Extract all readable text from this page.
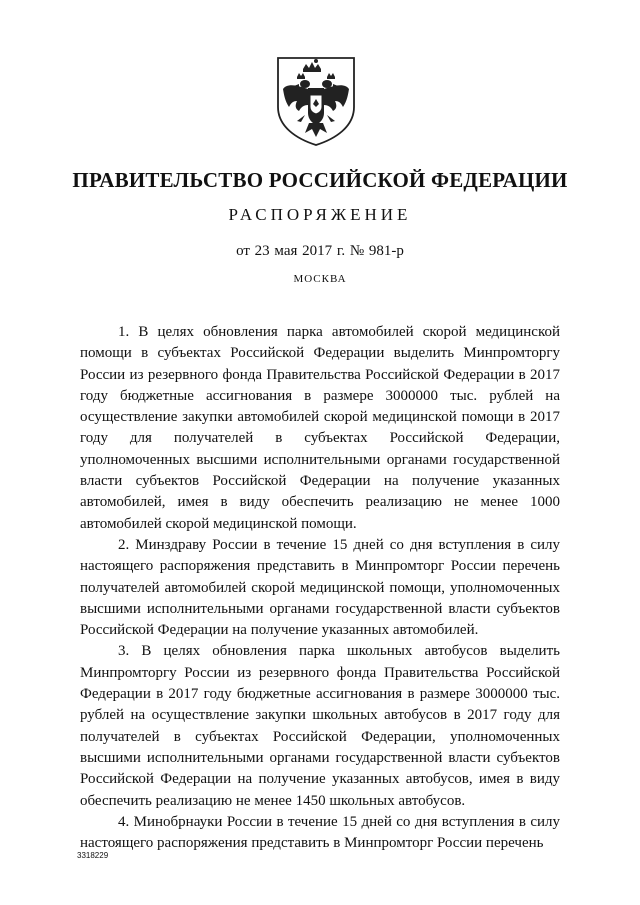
ПРАВИТЕЛЬСТВО РОССИЙСКОЙ ФЕДЕРАЦИИ
РАСПОРЯЖЕНИЕ
от 23 мая 2017 г. № 981-р
МОСКВА

1. В целях обновления парка автомобилей скорой медицинской помощи в субъектах Российской Федерации выделить Минпромторгу России из резервного фонда Правительства Российской Федерации в 2017 году бюджетные ассигнования в размере 3000000 тыс. рублей на осуществление закупки автомобилей скорой медицинской помощи в 2017 году для получателей в субъектах Российской Федерации, уполномоченных высшими исполнительными органами государственной власти субъектов Российской Федерации на получение указанных автомобилей, имея в виду обеспечить реализацию не менее 1000 автомобилей скорой медицинской помощи.

2. Минздраву России в течение 15 дней со дня вступления в силу настоящего распоряжения представить в Минпромторг России перечень получателей автомобилей скорой медицинской помощи, уполномоченных высшими исполнительными органами государственной власти субъектов Российской Федерации на получение указанных автомобилей.

3. В целях обновления парка школьных автобусов выделить Минпромторгу России из резервного фонда Правительства Российской Федерации в 2017 году бюджетные ассигнования в размере 3000000 тыс. рублей на осуществление закупки школьных автобусов в 2017 году для получателей в субъектах Российской Федерации, уполномоченных высшими исполнительными органами государственной власти субъектов Российской Федерации на получение указанных автобусов, имея в виду обеспечить реализацию не менее 1450 школьных автобусов.

4. Минобрнауки России в течение 15 дней со дня вступления в силу настоящего распоряжения представить в Минпромторг России перечень

3318229
